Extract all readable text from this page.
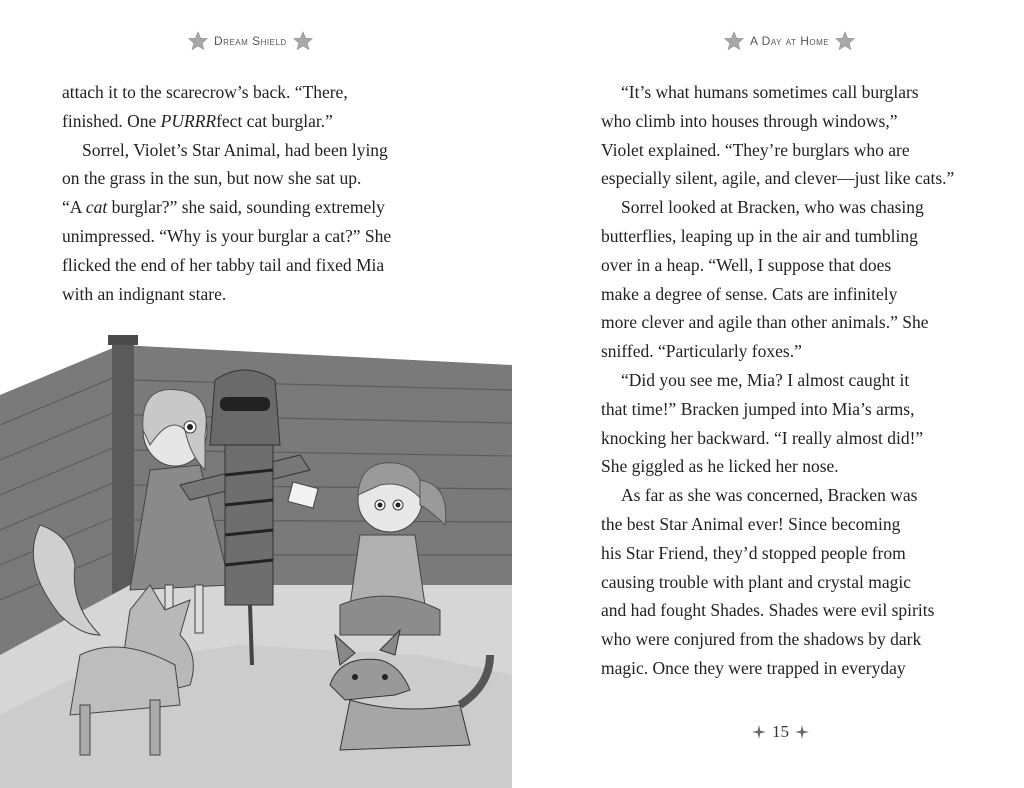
Dream Shield
attach it to the scarecrow’s back. “There,
finished. One PURRRfect cat burglar.”
Sorrel, Violet’s Star Animal, had been lying
on the grass in the sun, but now she sat up.
“A cat burglar?” she said, sounding extremely
unimpressed. “Why is your burglar a cat?” She
flicked the end of her tabby tail and fixed Mia
with an indignant stare.
A Day at Home
“It’s what humans sometimes call burglars
who climb into houses through windows,”
Violet explained. “They’re burglars who are
especially silent, agile, and clever—just like cats.”
Sorrel looked at Bracken, who was chasing
butterflies, leaping up in the air and tumbling
over in a heap. “Well, I suppose that does
make a degree of sense. Cats are infinitely
more clever and agile than other animals.” She
sniffed. “Particularly foxes.”
“Did you see me, Mia? I almost caught it
that time!” Bracken jumped into Mia’s arms,
knocking her backward. “I really almost did!”
She giggled as he licked her nose.
As far as she was concerned, Bracken was
the best Star Animal ever! Since becoming
his Star Friend, they’d stopped people from
causing trouble with plant and crystal magic
and had fought Shades. Shades were evil spirits
who were conjured from the shadows by dark
magic. Once they were trapped in everyday
15
